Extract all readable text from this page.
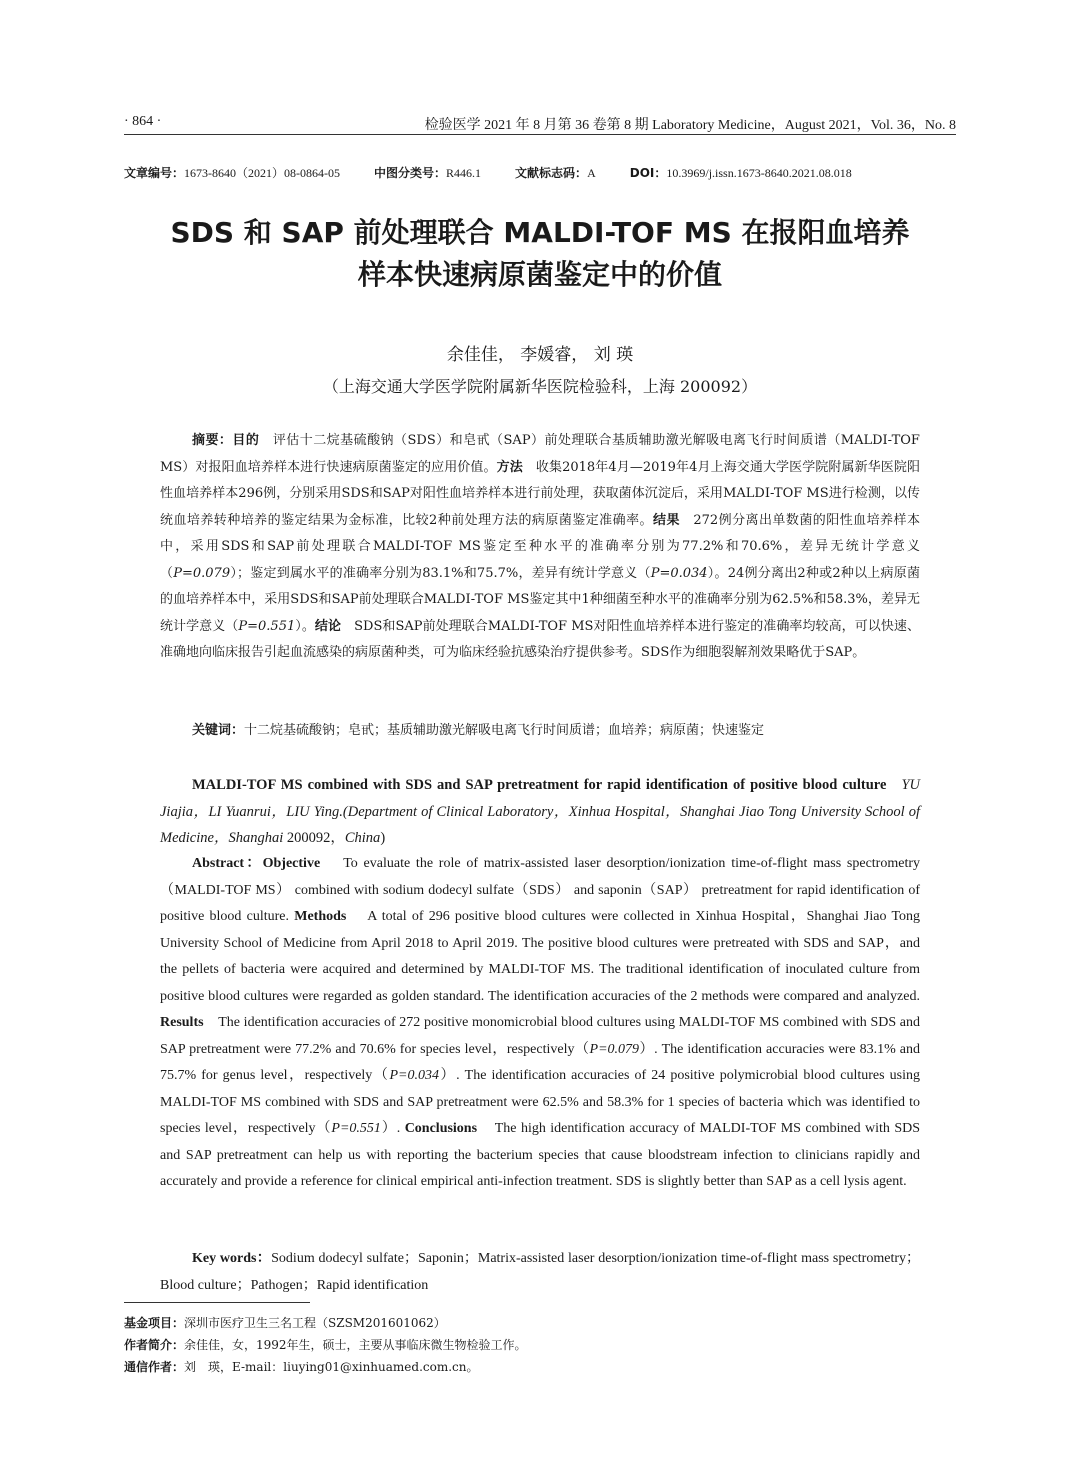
· 864 ·	检验医学 2021 年 8 月第 36 卷第 8 期 Laboratory Medicine，August 2021，Vol. 36，No. 8
文章编号：1673-8640（2021）08-0864-05	中图分类号：R446.1	文献标志码：A	DOI：10.3969/j.issn.1673-8640.2021.08.018
SDS 和 SAP 前处理联合 MALDI-TOF MS 在报阳血培养
样本快速病原菌鉴定中的价值
余佳佳， 李媛睿， 刘 瑛
（上海交通大学医学院附属新华医院检验科，上海 200092）
摘要：目的　 评估十二烷基硫酸钠（SDS）和皂甙（SAP）前处理联合基质辅助激光解吸电离飞行时间质谱（MALDI-TOF MS）对报阳血培养样本进行快速病原菌鉴定的应用价值。方法　 收集2018年4月—2019年4月上海交通大学医学院附属新华医院阳性血培养样本296例，分别采用SDS和SAP对阳性血培养样本进行前处理，获取菌体沉淀后，采用MALDI-TOF MS进行检测，以传统血培养转种培养的鉴定结果为金标准，比较2种前处理方法的病原菌鉴定准确率。结果　 272例分离出单数菌的阳性血培养样本中，采用SDS和SAP前处理联合MALDI-TOF MS鉴定至种水平的准确率分别为77.2%和70.6%，差异无统计学意义（P=0.079）；鉴定到属水平的准确率分别为83.1%和75.7%，差异有统计学意义（P=0.034）。24例分离出2种或2种以上病原菌的血培养样本中，采用SDS和SAP前处理联合MALDI-TOF MS鉴定其中1种细菌至种水平的准确率分别为62.5%和58.3%，差异无统计学意义（P=0.551）。结论　 SDS和SAP前处理联合MALDI-TOF MS对阳性血培养样本进行鉴定的准确率均较高，可以快速、准确地向临床报告引起血流感染的病原菌种类，可为临床经验抗感染治疗提供参考。SDS作为细胞裂解剂效果略优于SAP。
关键词：十二烷基硫酸钠；皂甙；基质辅助激光解吸电离飞行时间质谱；血培养；病原菌；快速鉴定
MALDI-TOF MS combined with SDS and SAP pretreatment for rapid identification of positive blood culture YU Jiajia，LI Yuanrui，LIU Ying.(Department of Clinical Laboratory，Xinhua Hospital，Shanghai Jiao Tong University School of Medicine，Shanghai 200092，China)
Abstract：Objective To evaluate the role of matrix-assisted laser desorption/ionization time-of-flight mass spectrometry（MALDI-TOF MS） combined with sodium dodecyl sulfate（SDS） and saponin（SAP） pretreatment for rapid identification of positive blood culture. Methods A total of 296 positive blood cultures were collected in Xinhua Hospital，Shanghai Jiao Tong University School of Medicine from April 2018 to April 2019. The positive blood cultures were pretreated with SDS and SAP，and the pellets of bacteria were acquired and determined by MALDI-TOF MS. The traditional identification of inoculated culture from positive blood cultures were regarded as golden standard. The identification accuracies of the 2 methods were compared and analyzed. Results The identification accuracies of 272 positive monomicrobial blood cultures using MALDI-TOF MS combined with SDS and SAP pretreatment were 77.2% and 70.6% for species level，respectively（P=0.079）. The identification accuracies were 83.1% and 75.7% for genus level，respectively（P=0.034）. The identification accuracies of 24 positive polymicrobial blood cultures using MALDI-TOF MS combined with SDS and SAP pretreatment were 62.5% and 58.3% for 1 species of bacteria which was identified to species level，respectively（P=0.551）. Conclusions The high identification accuracy of MALDI-TOF MS combined with SDS and SAP pretreatment can help us with reporting the bacterium species that cause bloodstream infection to clinicians rapidly and accurately and provide a reference for clinical empirical anti-infection treatment. SDS is slightly better than SAP as a cell lysis agent.
Key words：Sodium dodecyl sulfate；Saponin；Matrix-assisted laser desorption/ionization time-of-flight mass spectrometry；Blood culture；Pathogen；Rapid identification
基金项目：深圳市医疗卫生三名工程（SZSM201601062）
作者简介：余佳佳，女，1992年生，硕士，主要从事临床微生物检验工作。
通信作者：刘　瑛，E-mail：liuying01@xinhuamed.com.cn。
